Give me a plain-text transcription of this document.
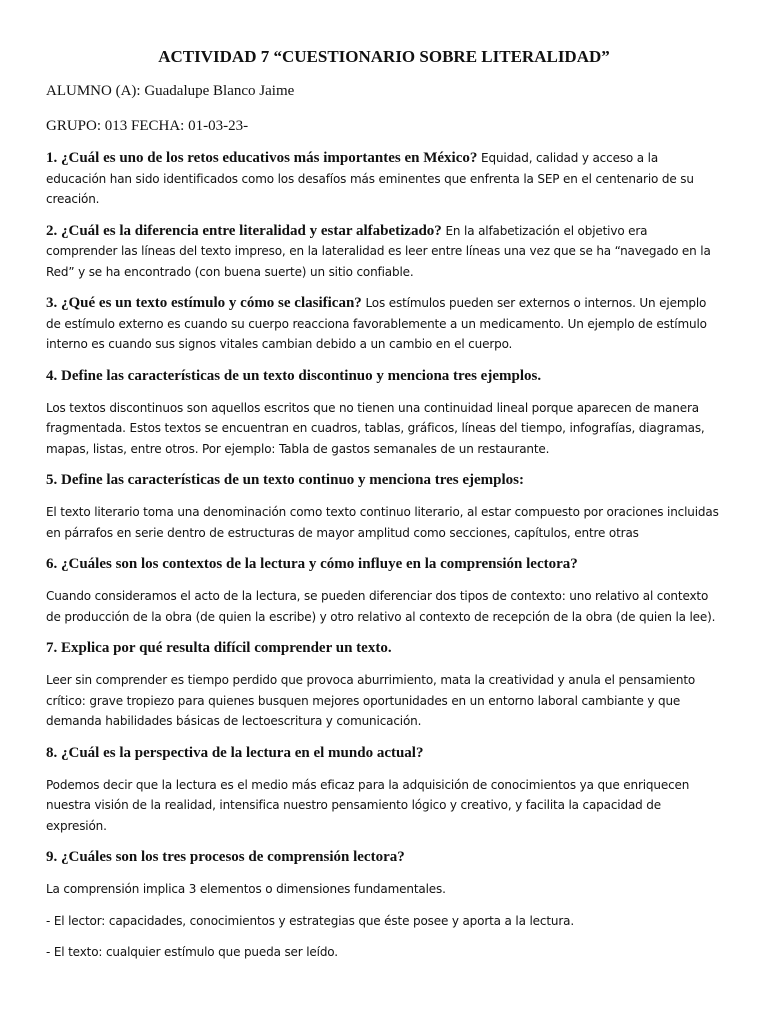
ACTIVIDAD 7 “CUESTIONARIO SOBRE LITERALIDAD”
ALUMNO (A): Guadalupe Blanco Jaime
GRUPO: 013 FECHA: 01-03-23-

1. ¿Cuál es uno de los retos educativos más importantes en México? Equidad, calidad y acceso a la educación han sido identificados como los desafíos más eminentes que enfrenta la SEP en el centenario de su creación.

2. ¿Cuál es la diferencia entre literalidad y estar alfabetizado? En la alfabetización el objetivo era comprender las líneas del texto impreso, en la lateralidad es leer entre líneas una vez que se ha “navegado en la Red” y se ha encontrado (con buena suerte) un sitio confiable.

3. ¿Qué es un texto estímulo y cómo se clasifican? Los estímulos pueden ser externos o internos. Un ejemplo de estímulo externo es cuando su cuerpo reacciona favorablemente a un medicamento. Un ejemplo de estímulo interno es cuando sus signos vitales cambian debido a un cambio en el cuerpo.

4. Define las características de un texto discontinuo y menciona tres ejemplos.

Los textos discontinuos son aquellos escritos que no tienen una continuidad lineal porque aparecen de manera fragmentada. Estos textos se encuentran en cuadros, tablas, gráficos, líneas del tiempo, infografías, diagramas, mapas, listas, entre otros. Por ejemplo: Tabla de gastos semanales de un restaurante.

5. Define las características de un texto continuo y menciona tres ejemplos:

El texto literario toma una denominación como texto continuo literario, al estar compuesto por oraciones incluidas en párrafos en serie dentro de estructuras de mayor amplitud como secciones, capítulos, entre otras

6. ¿Cuáles son los contextos de la lectura y cómo influye en la comprensión lectora?

Cuando consideramos el acto de la lectura, se pueden diferenciar dos tipos de contexto: uno relativo al contexto de producción de la obra (de quien la escribe) y otro relativo al contexto de recepción de la obra (de quien la lee).

7. Explica por qué resulta difícil comprender un texto.

Leer sin comprender es tiempo perdido que provoca aburrimiento, mata la creatividad y anula el pensamiento crítico: grave tropiezo para quienes busquen mejores oportunidades en un entorno laboral cambiante y que demanda habilidades básicas de lectoescritura y comunicación.

8. ¿Cuál es la perspectiva de la lectura en el mundo actual?

Podemos decir que la lectura es el medio más eficaz para la adquisición de conocimientos ya que enriquecen nuestra visión de la realidad, intensifica nuestro pensamiento lógico y creativo, y facilita la capacidad de expresión.

9. ¿Cuáles son los tres procesos de comprensión lectora?

La comprensión implica 3 elementos o dimensiones fundamentales.

- El lector: capacidades, conocimientos y estrategias que éste posee y aporta a la lectura.

- El texto: cualquier estímulo que pueda ser leído.
